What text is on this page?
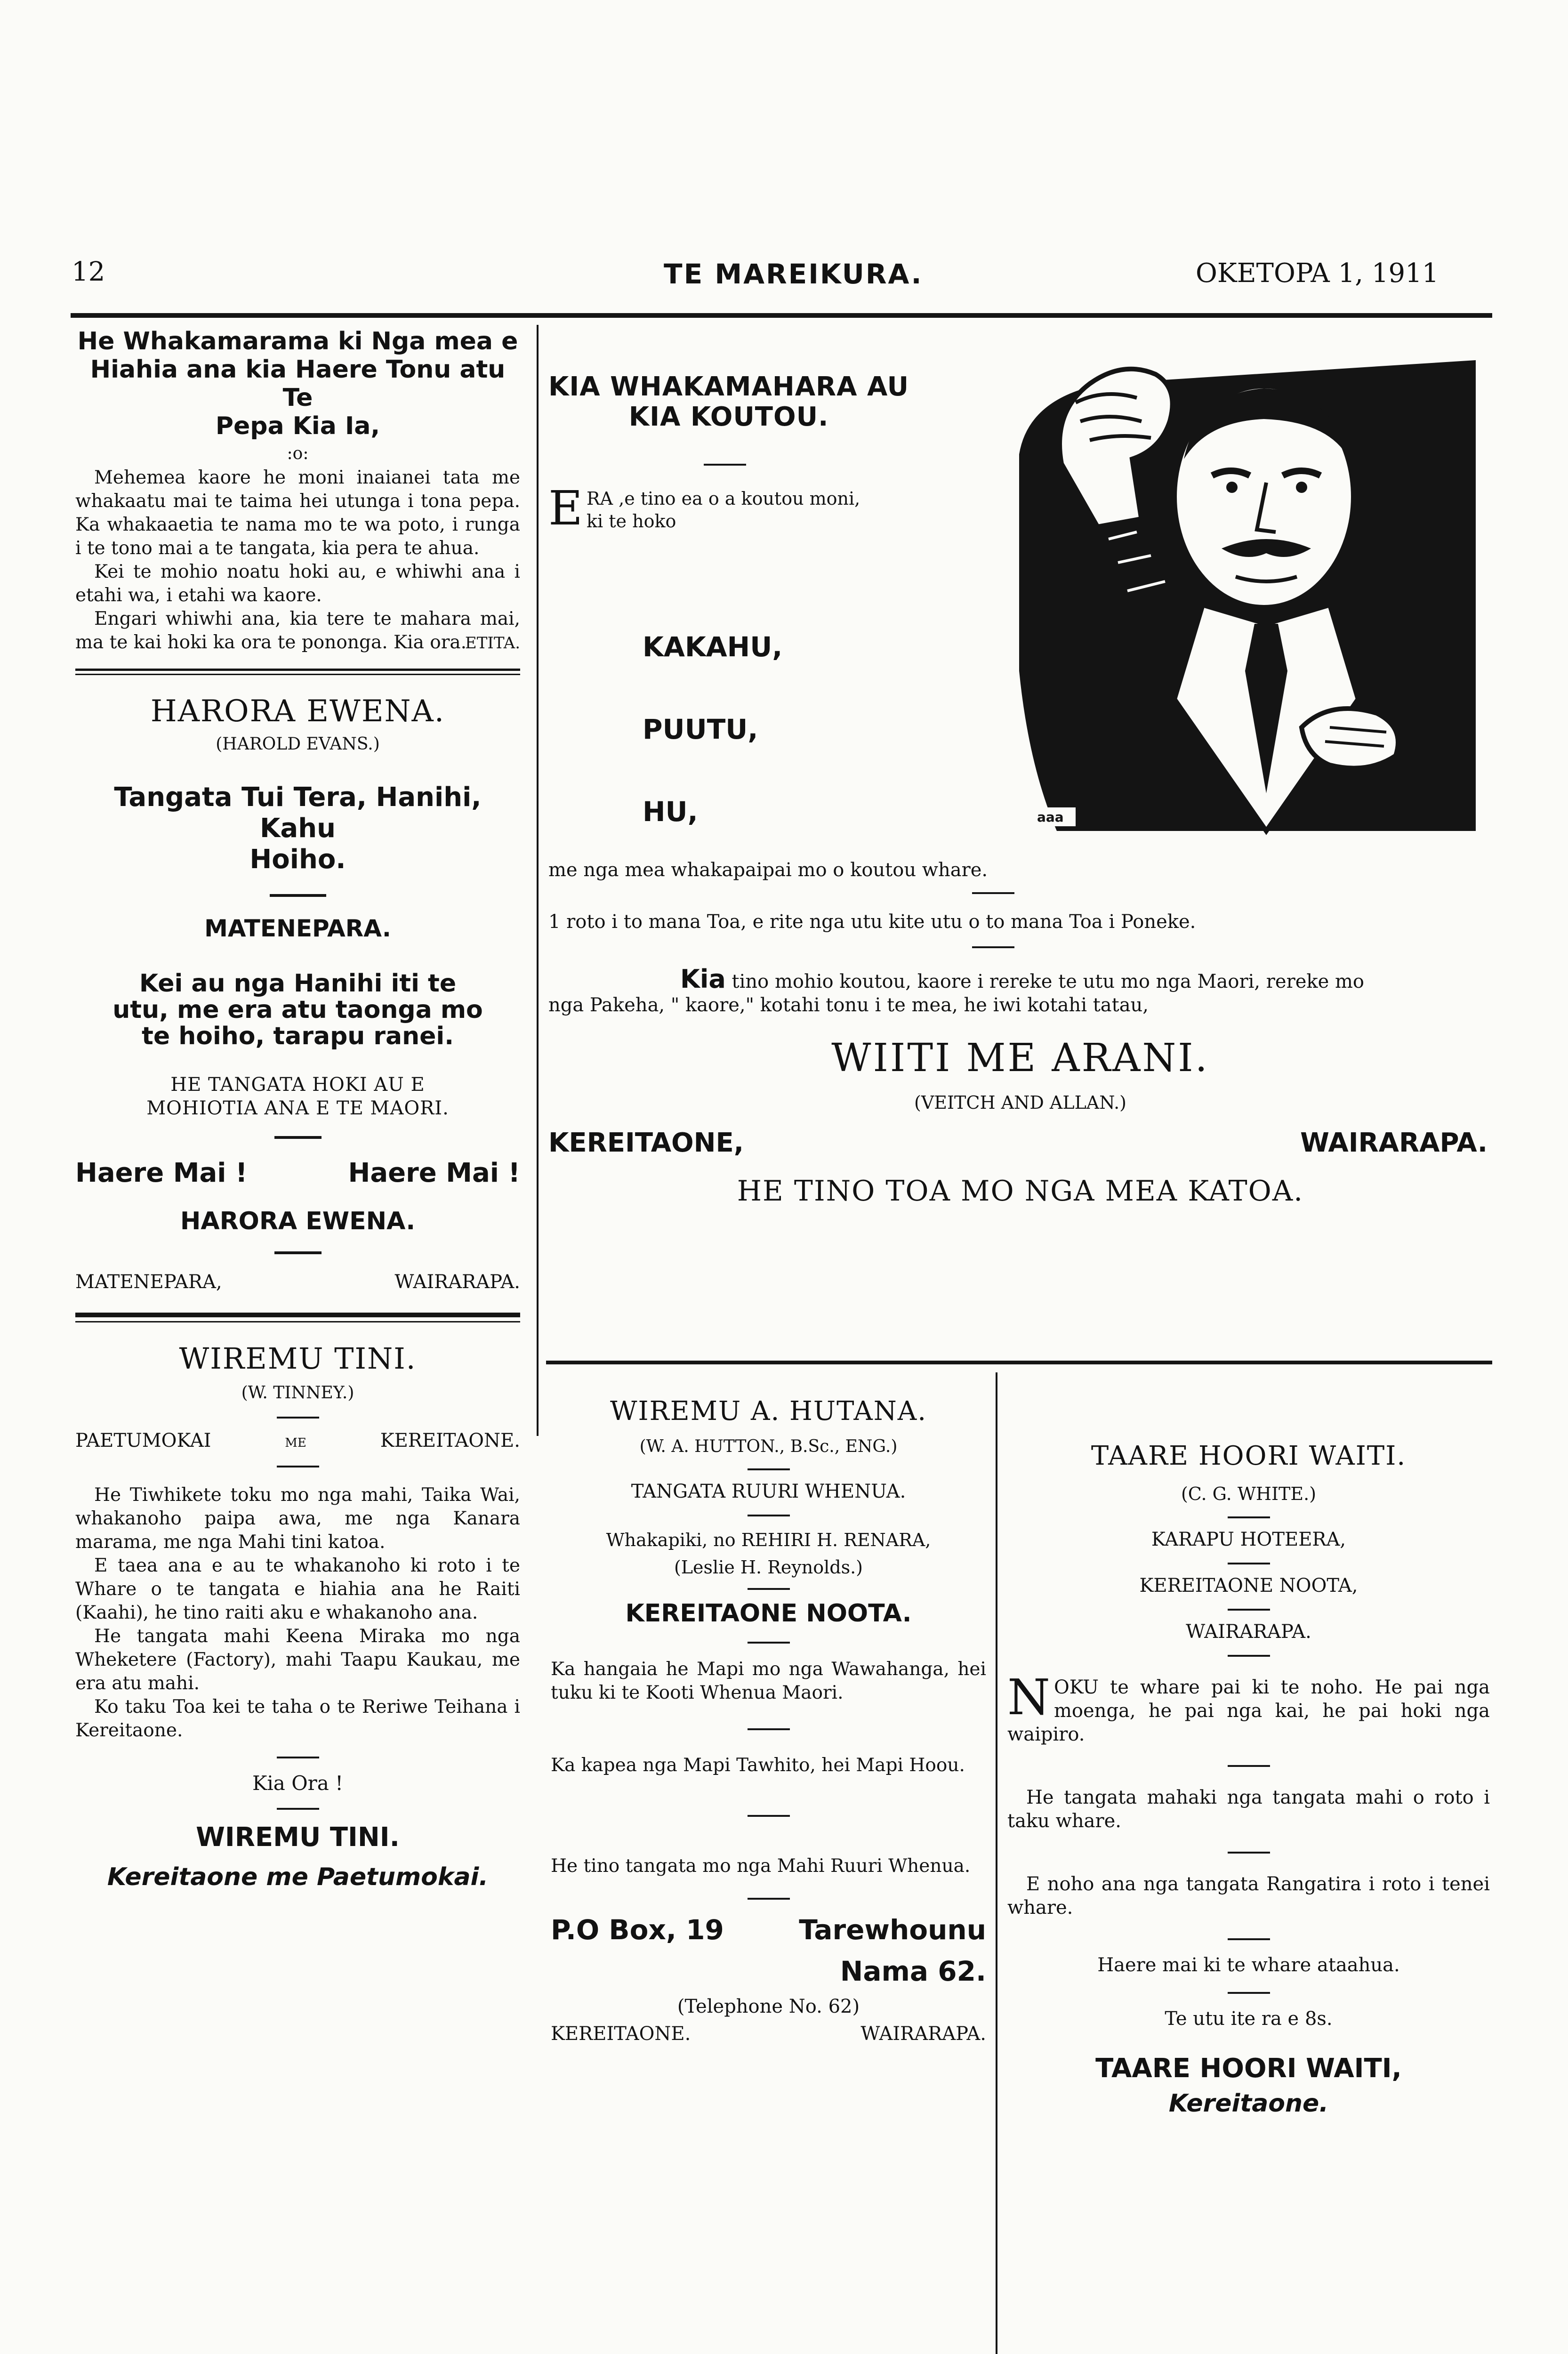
12	TE MAREIKURA.	OKETOPA 1, 1911
He Whakamarama ki Nga mea e
Hiahia ana kia Haere Tonu atu Te
Pepa Kia Ia,
:o:
Mehemea kaore he moni inaianei tata me whakaatu mai te taima hei utunga i tona pepa. Ka whakaaetia te nama mo te wa poto, i runga i te tono mai a te tangata, kia pera te ahua.
Kei te mohio noatu hoki au, e whiwhi ana i etahi wa, i etahi wa kaore.
Engari whiwhi ana, kia tere te mahara mai, ma te kai hoki ka ora te pononga. Kia ora.
ETITA.
HARORA EWENA.
(HAROLD EVANS.)
Tangata Tui Tera, Hanihi, Kahu
Hoiho.
MATENEPARA.
Kei au nga Hanihi iti te
utu, me era atu taonga mo
te hoiho, tarapu ranei.
HE TANGATA HOKI AU E
MOHIOTIA ANA E TE MAORI.
Haere Mai !	Haere Mai !
HARORA EWENA.
MATENEPARA,	WAIRARAPA.
WIREMU TINI.
(W. TINNEY.)
PAETUMOKAI	ME	KEREITAONE.
He Tiwhikete toku mo nga mahi, Taika Wai, whakanoho paipa awa, me nga Kanara marama, me nga Mahi tini katoa.
E taea ana e au te whakanoho ki roto i te Whare o te tangata e hiahia ana he Raiti (Kaahi), he tino raiti aku e whakanoho ana.
He tangata mahi Keena Miraka mo nga Wheketere (Factory), mahi Taapu Kaukau, me era atu mahi.
Ko taku Toa kei te taha o te Reriwe Teihana i Kereitaone.
Kia Ora !
WIREMU TINI.
Kereitaone me Paetumokai.
KIA WHAKAMAHARA AU
KIA KOUTOU.
E RA ,e tino ea o a koutou moni,
ki te hoko
KAKAHU,
PUUTU,
HU,	aaa
me nga mea whakapaipai mo o koutou whare.
1 roto i to mana Toa, e rite nga utu kite utu o to mana Toa i Poneke.
Kia tino mohio koutou, kaore i rereke te utu mo nga Maori, rereke mo
nga Pakeha, " kaore," kotahi tonu i te mea, he iwi kotahi tatau,
WIITI ME ARANI.
(VEITCH AND ALLAN.)
KEREITAONE,	WAIRARAPA.
HE TINO TOA MO NGA MEA KATOA.
WIREMU A. HUTANA.
(W. A. HUTTON., B.Sc., ENG.)
TANGATA RUURI WHENUA.
Whakapiki, no REHIRI H. RENARA,
(Leslie H. Reynolds.)
KEREITAONE NOOTA.
Ka hangaia he Mapi mo nga Wawahanga, hei tuku ki te Kooti Whenua Maori.
Ka kapea nga Mapi Tawhito, hei Mapi Hoou.
He tino tangata mo nga Mahi Ruuri Whenua.
P.O Box, 19	Tarewhounu
Nama 62.
(Telephone No. 62)
KEREITAONE.	WAIRARAPA.
TAARE HOORI WAITI.
(C. G. WHITE.)
KARAPU HOTEERA,
KEREITAONE NOOTA,
WAIRARAPA.
N OKU te whare pai ki te noho. He pai nga moenga, he pai nga kai, he pai hoki nga waipiro.
He tangata mahaki nga tangata mahi o roto i taku whare.
E noho ana nga tangata Rangatira i roto i tenei whare.
Haere mai ki te whare ataahua.
Te utu ite ra e 8s.
TAARE HOORI WAITI,
Kereitaone.
